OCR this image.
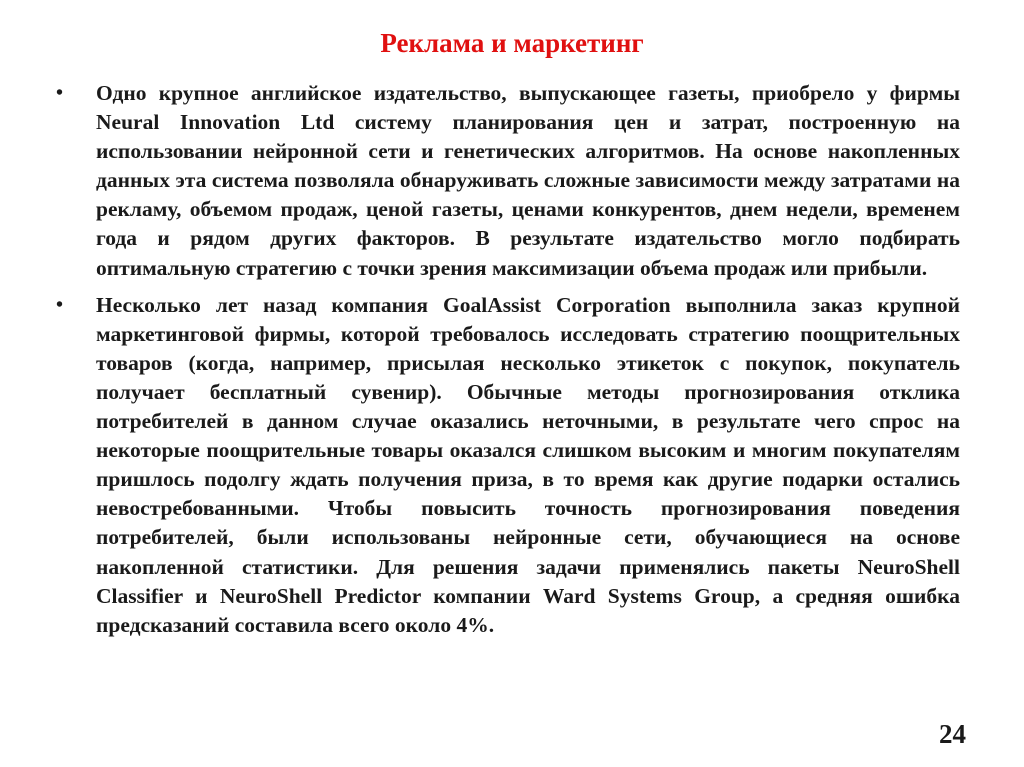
Реклама и маркетинг
• Одно крупное английское издательство, выпускающее газеты, приобрело у фирмы Neural Innovation Ltd систему планирования цен и затрат, построенную на использовании нейронной сети и генетических алгоритмов. На основе накопленных данных эта система позволяла обнаруживать сложные зависимости между затратами на рекламу, объемом продаж, ценой газеты, ценами конкурентов, днем недели, временем года и рядом других факторов. В результате издательство могло подбирать оптимальную стратегию с точки зрения максимизации объема продаж или прибыли.
• Несколько лет назад компания GoalAssist Corporation выполнила заказ крупной маркетинговой фирмы, которой требовалось исследовать стратегию поощрительных товаров (когда, например, присылая несколько этикеток с покупок, покупатель получает бесплатный сувенир). Обычные методы прогнозирования отклика потребителей в данном случае оказались неточными, в результате чего спрос на некоторые поощрительные товары оказался слишком высоким и многим покупателям пришлось подолгу ждать получения приза, в то время как другие подарки остались невостребованными. Чтобы повысить точность прогнозирования поведения потребителей, были использованы нейронные сети, обучающиеся на основе накопленной статистики. Для решения задачи применялись пакеты NeuroShell Classifier и NeuroShell Predictor компании Ward Systems Group, а средняя ошибка предсказаний составила всего около 4%.
24
